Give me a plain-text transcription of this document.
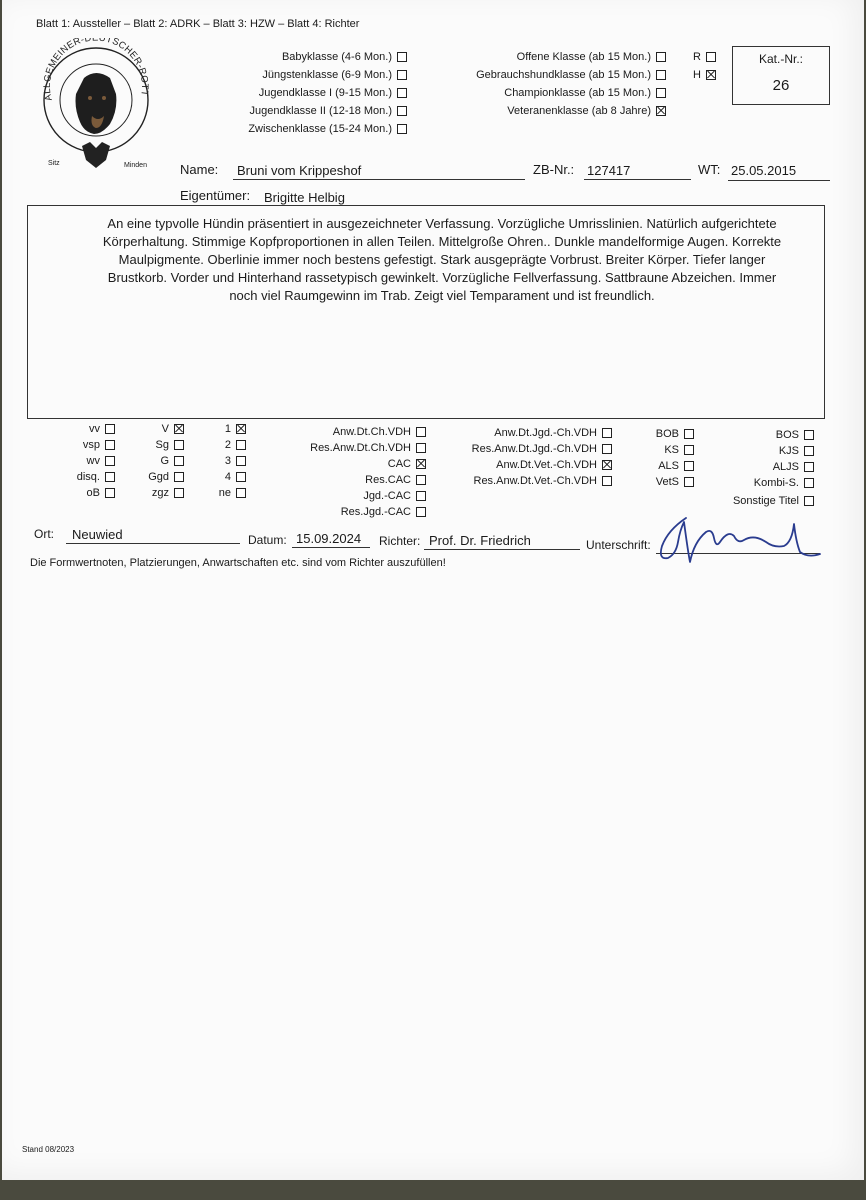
Blatt 1: Aussteller – Blatt 2: ADRK – Blatt 3: HZW – Blatt 4: Richter
ALLGEMEINER-DEUTSCHER-ROTT
Sitz	Minden
Babyklasse (4-6 Mon.)
Jüngstenklasse (6-9 Mon.)
Jugendklasse I (9-15 Mon.)
Jugendklasse II (12-18 Mon.)
Zwischenklasse (15-24 Mon.)
Offene Klasse (ab 15 Mon.)
Gebrauchshundklasse (ab 15 Mon.)
Championklasse (ab 15 Mon.)
Veteranenklasse (ab 8 Jahre)
R
H
Kat.-Nr.:
26
Name: Bruni vom Krippeshof	ZB-Nr.: 127417	WT: 25.05.2015
Eigentümer: Brigitte Helbig
An eine typvolle Hündin präsentiert in ausgezeichneter Verfassung. Vorzügliche Umrisslinien. Natürlich aufgerichtete
Körperhaltung. Stimmige Kopfproportionen in allen Teilen. Mittelgroße Ohren.. Dunkle mandelformige Augen. Korrekte
Maulpigmente. Oberlinie immer noch bestens gefestigt. Stark ausgeprägte Vorbrust. Breiter Körper. Tiefer langer
Brustkorb. Vorder und Hinterhand rassetypisch gewinkelt. Vorzügliche Fellverfassung. Sattbraune Abzeichen. Immer
noch viel Raumgewinn im Trab. Zeigt viel Temparament und ist freundlich.
vv
vsp
wv
disq.
oB
V
Sg
G
Ggd
zgz
1
2
3
4
ne
Anw.Dt.Ch.VDH
Res.Anw.Dt.Ch.VDH
CAC
Res.CAC
Jgd.-CAC
Res.Jgd.-CAC
Anw.Dt.Jgd.-Ch.VDH
Res.Anw.Dt.Jgd.-Ch.VDH
Anw.Dt.Vet.-Ch.VDH
Res.Anw.Dt.Vet.-Ch.VDH
BOB
KS
ALS
VetS
BOS
KJS
ALJS
Kombi-S.
Sonstige Titel
Ort: Neuwied	Datum: 15.09.2024 Richter: Prof. Dr. Friedrich	Unterschrift:
Die Formwertnoten, Platzierungen, Anwartschaften etc. sind vom Richter auszufüllen!
Stand 08/2023
